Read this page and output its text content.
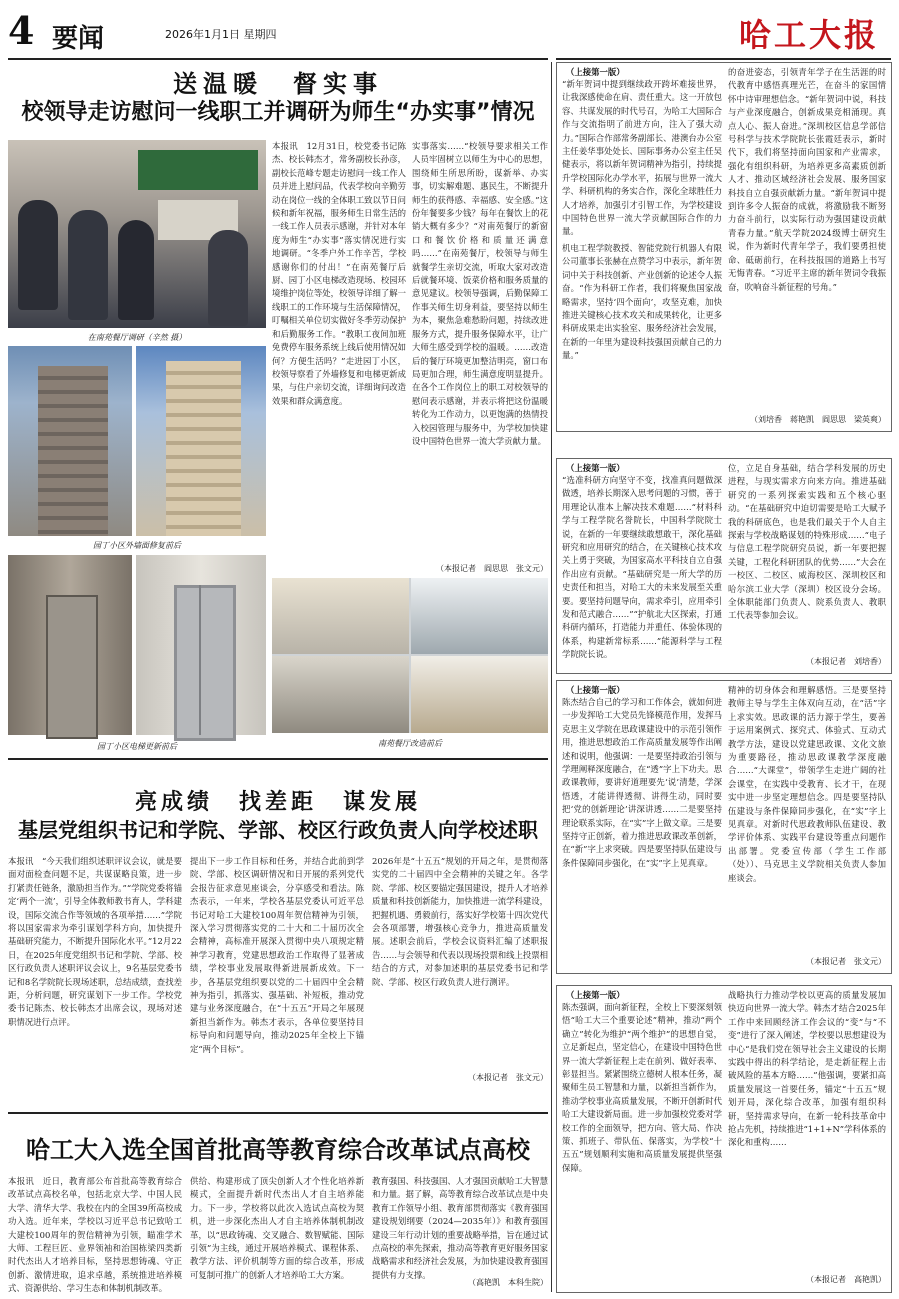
4 要闻	2026年1月1日 星期四	哈工大报
送温暖　督实事
校领导走访慰问一线职工并调研为师生“办实事”情况
在南苑餐厅调研（辛然 摄）
园丁小区外墙面修复前后
园丁小区电梯更新前后
本报讯　12月31日，校党委书记陈杰、校长韩杰才，常务副校长孙彦，副校长范峰专题走访慰问一线工作人员并进上慰问品，代表学校向辛勤劳动在岗位一线的全体职工致以节日问候和新年祝福，服务师生日常生活的一线工作人员表示感谢，并针对本年度为师生“办实事”落实情况进行实地调研。“冬季户外工作辛苦，学校感谢你们的付出！”在南苑餐厅后厨、园丁小区电梯改造现场、校园环境维护岗位等处，校领导详细了解一线职工的工作环境与生活保障情况，叮嘱相关单位切实做好冬季劳动保护和后勤服务工作。“教职工夜间加班免费停车服务系统上线后使用情况如何？方便生活吗？”走进园丁小区，校领导察看了外墙修复和电梯更新成果，与住户亲切交流，详细询问改造效果和群众满意度。
实事落实……“校领导要求相关工作人员牢固树立以师生为中心的思想，围绕师生所思所盼，谋新举、办实事，切实解难题、惠民生，不断提升师生的获得感、幸福感、安全感。”这份年餐要多少钱？每年在餐饮上的花销大概有多少？“对南苑餐厅的新窗口和餐饮价格和质量还满意吗……”在南苑餐厅，校领导与师生就餐学生亲切交流，听取大家对改造后就餐环境、饭菜价格和服务质量的意见建议。校领导强调，后勤保障工作事关师生切身利益，要坚持以师生为本，聚焦急难愁盼问题，持续改进服务方式，提升服务保障水平，让广大师生感受到学校的温暖。……改造后的餐厅环境更加整洁明亮，窗口布局更加合理，师生满意度明显提升。在各个工作岗位上的职工对校领导的慰问表示感谢，并表示将把这份温暖转化为工作动力，以更饱满的热情投入校园管理与服务中，为学校加快建设中国特色世界一流大学贡献力量。
（本报记者　阎思思　张文元）
南苑餐厅改造前后
亮成绩　找差距　谋发展
基层党组织书记和学院、学部、校区行政负责人向学校述职
本报讯　“今天我们组织述职评议会议，就是要面对面检查问题不足，共谋谋略良策，进一步打紧责任链条，激励担当作为。”“学院党委将锚定‘两个一流’，引导全体教师教书育人，学科建设，国际交流合作等领域的各项举措……”学院将以国家需求为牵引谋划学科方向，加快提升基础研究能力，不断提升国际化水平。”12月22日，在2025年度党组织书记和学院、学部、校区行政负责人述职评议会议上，9名基层党委书记和8名学院院长现场述职，总结成绩，查找差距，分析问题，研究谋划下一步工作。学校党委书记陈杰、校长韩杰才出席会议，现场对述职情况进行点评。
提出下一步工作目标和任务，并结合此前到学院、学部、校区调研情况和日开展的系列党代会报告征求意见座谈会，分享感受和看法。陈杰表示，一年来，学校各基层党委认可近平总书记对哈工大建校100周年贺信精神为引领，深入学习贯彻落实党的二十大和二十届历次全会精神，高标准开展深入贯彻中央八项规定精神学习教育，党建思想政治工作取得了显著成绩，学校事业发展取得新进展新成效。下一步，各基层党组织要以党的二十届四中全会精神为指引，抓落实、强基础、补短板，推动党建与业务深度融合，在“十五五”开局之年展现新担当新作为。韩杰才表示，各单位要坚持目标导向和问题导向，推动2025年全校上下锚定“两个目标”。
2026年是“十五五”规划的开局之年，是贯彻落实党的二十届四中全会精神的关键之年。各学院、学部、校区要锚定强国建设，提升人才培养质量和科技创新能力，加快推进一流学科建设，把握机遇、勇毅前行，落实好学校第十四次党代会各项部署，增强核心竞争力，推进高质量发展。述职会前后，学校会议资料汇编了述职报告……与会领导和代表以现场投票和线上投票相结合的方式，对参加述职的基层党委书记和学院、学部、校区行政负责人进行测评。
（本报记者　张文元）
哈工大入选全国首批高等教育综合改革试点高校
本报讯　近日，教育部公布首批高等教育综合改革试点高校名单，包括北京大学、中国人民大学、清华大学、我校在内的全国39所高校成功入选。近年来，学校以习近平总书记致哈工大建校100周年的贺信精神为引领，瞄准学术大师、工程巨匠、业界领袖和治国栋梁四类新时代杰出人才培养目标，坚持思想铸魂、守正创新、激情进取，追求卓越，系统推进培养模式、资源供给、学习生态和体制机制改革。
供给、构建形成了顶尖创新人才个性化培养新模式，全面提升新时代杰出人才自主培养能力。下一步，学校将以此次入选试点高校为契机，进一步深化杰出人才自主培养体制机制改革，以“思政铸魂、交叉融合、数智赋能、国际引领”为主线，通过开展培养模式、课程体系、教学方法、评价机制等方面的综合改革，形成可复制可推广的创新人才培养哈工大方案。
教育强国、科技强国、人才强国贡献哈工大智慧和力量。据了解，高等教育综合改革试点是中央教育工作领导小组、教育部贯彻落实《教育强国建设规划纲要（2024—2035年）》和教育强国建设三年行动计划的重要战略举措，旨在通过试点高校的率先探索，推动高等教育更好服务国家战略需求和经济社会发展，为加快建设教育强国提供有力支撑。
（高艳凯　本科生院）
（上接第一版）
“新年贺词中提到继续政开跨坏难接世界，让我深感使命在肩、责任重大。这一开放包容、共谋发展的时代号召，为哈工大国际合作与交流指明了前进方向，注入了强大动力。”国际合作部常务副部长、港澳台办公室主任姜华事处处长、国际事务办公室主任吴健表示，将以新年贺词精神为指引，持续提升学校国际化办学水平，拓展与世界一流大学、科研机构的务实合作，深化全球胜任力人才培养，加强引才引智工作，为学校建设中国特色世界一流大学贡献国际合作的力量。
机电工程学院教授、智能党院行机器人有限公司董事长张赫在点赞学习中表示，新年贺词中关于科技创新、产业创新的论述令人振奋。“作为科研工作者，我们将聚焦国家战略需求，坚持‘四个面向’，攻坚克难，加快推进关键核心技术攻关和成果转化，让更多科研成果走出实验室、服务经济社会发展，在新的一年里为建设科技强国贡献自己的力量。”
的奋进姿态，引领青年学子在生活涯的时代教育中感悟真理光芒，在奋斗的家国情怀中诗审理想信念。“新年贺词中说，科技与产业深度融合，创新成果竞相涌现。真点人心、振人奋进。”深圳校区信息学部信号科学与技术学院院长张霞廷表示，新时代下，我们将坚持面向国家和产业需求，强化有组织科研，为培养更多高素质创新人才、推动区域经济社会发展、服务国家科技自立自强贡献新力量。“新年贺词中提到许多令人振奋的成就，将激励我不断努力奋斗前行，以实际行动为强国建设贡献青春力量。”航天学院2024级博士研究生说，作为新时代青年学子，我们要勇担使命、砥砺前行，在科技报国的道路上书写无悔青春。“习近平主席的新年贺词令我振奋，吹响奋斗新征程的号角。”
（刘培香　蒋艳凯　阎思思　梁英爽）
（上接第一版）
“选准科研方向坚守不变，找准真问题做深做透，培养长期深入思考问题的习惯，善于用理论认准本上解决技术难题……“材料科学与工程学院名誉院长，中国科学院院士说，在新的一年要继续敢想敢干，深化基础研究和应用研究的结合，在关键核心技术攻关上勇于突破，为国家高水平科技自立自强作出应有贡献。“基础研究是一所大学的历史责任和担当，对哈工大的未来发展至关重要。要坚持问题导向，需求牵引，应用牵引发和范式融合……”“护航北大区探索，打通科研内循环，打造能力并重任、体验体现的体系，构建新常标系……”能源科学与工程学院院长说。
位，立足自身基础，结合学科发展的历史进程，与现实需求方向来方向。推进基础研究的一系列探索实践和五个核心驱动。“在基础研究中迫切需要是哈工大赋予我的科研底色，也是我们最关于个人自主探索与学校战略谋划的特殊形成……“电子与信息工程学院研究员说，新一年要把握关键，工程化科研团队的优势……”大会在一校区、二校区、威海校区、深圳校区和哈尔滨工业大学（深圳）校区设分会场。全体职能部门负责人、院系负责人、教职工代表等参加会议。
（本报记者　刘培香）
（上接第一版）
陈杰结合自己的学习和工作体会，就如何进一步发挥哈工大党员先锋模范作用，发挥马克思主义学院在思政课建设中的示范引领作用，推进思想政治工作高质量发展等作出阐述和说明，他强调：一是要坚持政治引领与学理阐释深度融合，在“透”字上下功夫。思政课教师，要讲好道理要先‘说’清楚，学深悟透，才能讲得透彻、讲得生动，同时要把‘党的创新理论’讲深讲透……二是要坚持理论联系实际，在“实”字上做文章。三是要坚持守正创新，着力推进思政课改革创新，在“新”字上求突破。四是要坚持队伍建设与条件保障同步强化，在“实”字上见真章。
精神的切身体会和理解感悟。三是要坚持教师主导与学生主体双向互动，在“活”字上求实效。思政课的活力源于学生，要善于运用案例式、探究式、体验式、互动式教学方法，建设以党建思政课、文化文旅为重要路径，推动思政课教学深度融合……“大课堂”，带领学生走进广阔的社会课堂，在实践中受教育、长才干，在现实中进一步坚定理想信念。四是要坚持队伍建设与条件保障同步强化，在“实”字上见真章。对新时代思政教师队伍建设、教学评价体系、实践平台建设等重点问题作出部署。党委宣传部（学生工作部（处））、马克思主义学院相关负责人参加座谈会。
（本报记者　张文元）
（上接第一版）
陈杰强调，面向新征程，全校上下要深刻领悟“哈工大三个重要论述”精神，推动“两个确立”转化为维护“两个维护”的思想自觉，立足新起点，坚定信心，在建设中国特色世界一流大学新征程上走在前列、做好表率、彰显担当。紧紧围绕立德树人根本任务，凝聚师生员工智慧和力量，以新担当新作为，推动学校事业高质量发展，不断开创新时代哈工大建设新局面。进一步加强校党委对学校工作的全面领导，把方向、管大局、作决策、抓班子、带队伍、保落实，为学校“十五五”规划顺利实施和高质量发展提供坚强保障。
战略执行力推动学校以更高的质量发展加快迈向世界一流大学。韩杰才结合2025年工作中来回顾经济工作会议的“变”与“不变”进行了深入阐述，学校要以思想建设为中心“是我们党在领导社会主义建设的长期实践中得出的科学结论，是走新征程上击破风险的基本方略……”他强调，要紧扣高质量发展这一首要任务，锚定“十五五”规划开局，深化综合改革，加强有组织科研，坚持需求导向，在新一轮科技革命中抢占先机，持续推进“1+1+N”学科体系的深化和重构……
（本报记者　高艳凯）
